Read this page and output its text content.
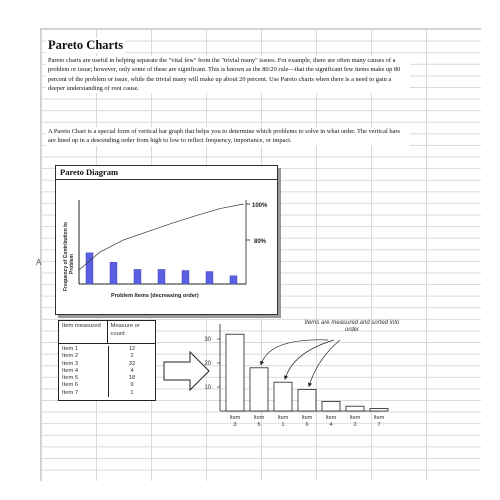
Pareto Charts
Pareto charts are useful in helping separate the "vital few" from the "trivial many" issues. For example, there are often many causes of a problem or issue; however, only some of these are significant. This is known as the 80/20 rule—that the significant few items make up 80 percent of the problem or issue, while the trivial many will make up about 20 percent. Use Pareto charts when there is a need to gain a deeper understanding of root cause.
A Pareto Chart is a special form of vertical bar graph that helps you to determine which problems to solve in what order. The vertical bars are lined up in a descending order from high to low to reflect frequency, importance, or impact.
A
Pareto Diagram
Frequency of Contribution to Problem
100%
80%
Problem Items (decreasing order)
Item measured	Measure or count
Item 1
Item 2
Item 3
Item 4
Item 5
Item 6
Item 7
12
2
32
4
18
9
1
10
20
30
Item
3
Item
5
Item
1
Item
6
Item
4
Item
2
Item
7
Items are measured and sorted into order
